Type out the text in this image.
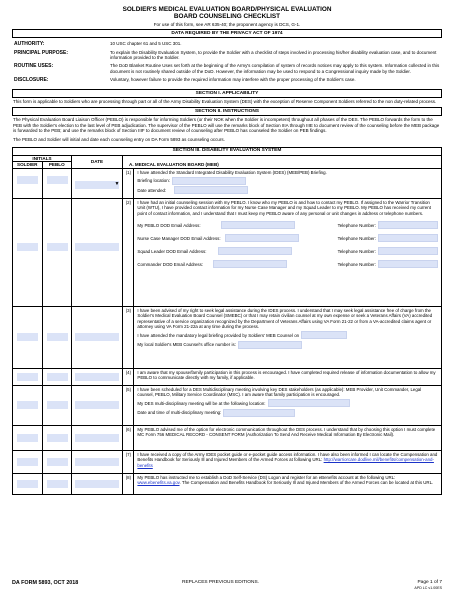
SOLDIER'S MEDICAL EVALUATION BOARD/PHYSICAL EVALUATION
BOARD COUNSELING CHECKLIST
For use of this form, see AR 635-40; the proponent agency is DCS, G-1.
DATA REQUIRED BY THE PRIVACY ACT OF 1974
AUTHORITY:	10 USC chapter 61 and 5 USC 301.
PRINCIPAL PURPOSE:	To explain the Disability Evaluation System, to provide the Soldier with a checklist of steps involved in processing his/her disability evaluation case, and to document information provided to the Soldier.
ROUTINE USES:	The DoD Blanket Routine Uses set forth at the beginning of the Army's compilation of system of records notices may apply to this system. Information collected in this document is not routinely shared outside of the DoD. However, the information may be used to respond to a Congressional inquiry made by the Soldier.
DISCLOSURE:	Voluntary, however failure to provide the required information may interfere with the proper processing of the Soldier's case.
SECTION I. APPLICABILITY
This form is applicable to Soldiers who are processing through part or all of the Army Disability Evaluation System (DES) with the exception of Reserve Component Soldiers referred to the non duty-related process.
SECTION II. INSTRUCTIONS

The Physical Evaluation Board Liaison Officer (PEBLO) is responsible for informing Soldiers (or their NOK when the Soldier is incompetent) throughout all phases of the DES. The PEBLO forwards the form to the PEB with the Soldier's election to the last level of PEB adjudication. The supervisor of the PEBLO will use the remarks block of Section IIIA through IIIE to document review of the counseling before the MEB package is forwarded to the PEB; and use the remarks block of Section IIIF to document review of counseling after PEBLO has counseled the Soldier on PEB findings.

The PEBLO and Soldier will initial and date each counseling entry on DA Form 5893 as counseling occurs.

SECTION III. DISABILITY EVALUATION SYSTEM
INITIALS
SOLDIER	PEBLO
DATE
A. MEDICAL EVALUATION BOARD (MEB)
▼
(1)	I have attended the Standard Integrated Disability Evaluation System (IDES) (MEB/PEB) Briefing.

Briefing location:
Date attended:
(2)	I have had an initial counseling session with my PEBLO. I know who my PEBLO is and how to contact my PEBLO. If assigned to the Warrior Transition Unit (WTU), I have provided contact information for my Nurse Case Manager and my Squad Leader to my PEBLO. My PEBLO has received my current point of contact information, and I understand that I must keep my PEBLO aware of any personal or unit changes in address or telephone numbers.

My PEBLO DOD Email Address:	Telephone Number:
Nurse Case Manager DOD Email Address:	Telephone Number:
Squad Leader DOD Email Address:	Telephone Number:
Commander DOD Email Address:	Telephone Number:
(3)	I have been advised of my right to seek legal assistance during the IDES process. I understand that I may seek legal assistance free of charge from the Soldier's Medical Evaluation Board Counsel (SMEBC) or that I may retain civilian counsel at my own expense or seek a Veterans Affairs (VA) accredited representative of a service organization recognized by the Department of Veterans Affairs using VA Form 21-22 or from a VA-accredited claims agent or attorney using VA Form 21-22a at any time during the process.

I have attended the mandatory legal briefing provided by Soldiers' MEB Counsel on
My local Soldier's MEB Counsel's office number is:
(4)	I am aware that my spouse/family participation in this process is encouraged. I have completed required release of information documentation to allow my PEBLO to communicate directly with my family, if applicable.

(5)	I have been scheduled for a DES Multidisciplinary meeting involving key DES stakeholders (as applicable): MEB Provider, Unit Commander, Legal counsel, PEBLO, Military Service Coordinator (MSC). I am aware that family participation is encouraged.

My DES multi-disciplinary meeting will be at the following location:
Date and time of multi-disciplinary meeting:
(6)	My PEBLO advised me of the option for electronic communication throughout the DES process. I understand that by choosing this option I must complete MC Form 756 MEDICAL RECORD - CONSENT FORM (Authorization To Send And Receive Medical Information By Electronic Mail).

(7)	I have received a copy of the Army IDES pocket guide or e-pocket guide access information. I have also been informed I can locate the Compensation and Benefits Handbook for Seriously Ill and Injured Members of the Armed Forces at following URL: http://warriorcare.dodlive.mil/benefits/compensation-and-benefits

(8)	My PEBLO has instructed me to establish a DoD Self-Service (DS) Logon and register for an eBenefits account at the following URL: www.ebenefits.va.gov. The Compensation and Benefits Handbook for Seriously Ill and Injured Members of the Armed Forces can be located at this URL.

DA FORM 5893, OCT 2018	REPLACES PREVIOUS EDITIONS.	Page 1 of 7
APD LC v1.00ES
